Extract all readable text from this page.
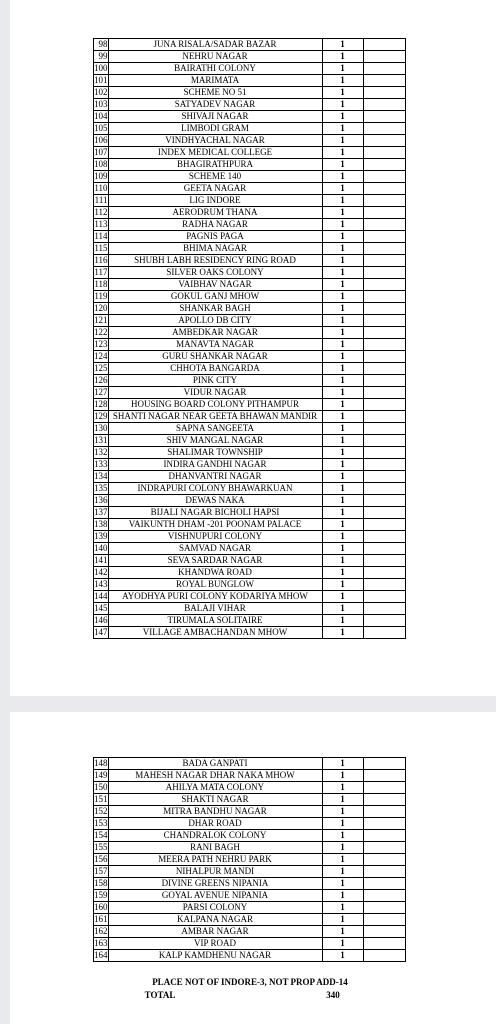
98	JUNA RISALA/SADAR BAZAR	1	
99	NEHRU NAGAR	1	
100	BAIRATHI COLONY	1	
101	MARIMATA	1	
102	SCHEME NO 51	1	
103	SATYADEV NAGAR	1	
104	SHIVAJI NAGAR	1	
105	LIMBODI GRAM	1	
106	VINDHYACHAL NAGAR	1	
107	INDEX MEDICAL COLLEGE	1	
108	BHAGIRATHPURA	1	
109	SCHEME 140	1	
110	GEETA NAGAR	1	
111	LIG INDORE	1	
112	AERODRUM THANA	1	
113	RADHA NAGAR	1	
114	PAGNIS PAGA	1	
115	BHIMA NAGAR	1	
116	SHUBH LABH RESIDENCY RING ROAD	1	
117	SILVER OAKS COLONY	1	
118	VAIBHAV NAGAR	1	
119	GOKUL GANJ MHOW	1	
120	SHANKAR BAGH	1	
121	APOLLO DB CITY	1	
122	AMBEDKAR NAGAR	1	
123	MANAVTA NAGAR	1	
124	GURU SHANKAR NAGAR	1	
125	CHHOTA BANGARDA	1	
126	PINK CITY	1	
127	VIDUR NAGAR	1	
128	HOUSING BOARD COLONY PITHAMPUR	1	
129	SHANTI NAGAR NEAR GEETA BHAWAN MANDIR	1	
130	SAPNA SANGEETA	1	
131	SHIV MANGAL NAGAR	1	
132	SHALIMAR TOWNSHIP	1	
133	INDIRA GANDHI NAGAR	1	
134	DHANVANTRI NAGAR	1	
135	INDRAPURI COLONY BHAWARKUAN	1	
136	DEWAS NAKA	1	
137	BIJALI NAGAR BICHOLI HAPSI	1	
138	VAIKUNTH DHAM -201 POONAM PALACE	1	
139	VISHNUPURI COLONY	1	
140	SAMVAD NAGAR	1	
141	SEVA SARDAR NAGAR	1	
142	KHANDWA ROAD	1	
143	ROYAL BUNGLOW	1	
144	AYODHYA PURI COLONY KODARIYA MHOW	1	
145	BALAJI VIHAR	1	
146	TIRUMALA SOLITAIRE	1	
147	VILLAGE AMBACHANDAN MHOW	1	
148	BADA GANPATI	1	
149	MAHESH NAGAR DHAR NAKA MHOW	1	
150	AHILYA MATA COLONY	1	
151	SHAKTI NAGAR	1	
152	MITRA BANDHU NAGAR	1	
153	DHAR ROAD	1	
154	CHANDRALOK COLONY	1	
155	RANI BAGH	1	
156	MEERA PATH NEHRU PARK	1	
157	NIHALPUR MANDI	1	
158	DIVINE GREENS NIPANIA	1	
159	GOYAL AVENUE NIPANIA	1	
160	PARSI COLONY	1	
161	KALPANA NAGAR	1	
162	AMBAR NAGAR	1	
163	VIP ROAD	1	
164	KALP KAMDHENU NAGAR	1	
PLACE NOT OF INDORE-3, NOT PROP ADD-14
TOTAL	340
